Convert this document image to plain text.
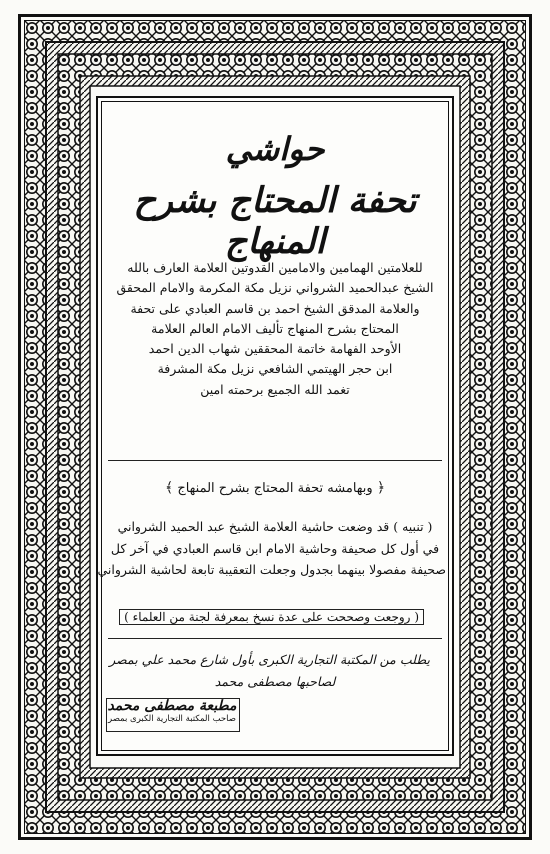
حواشي
تحفة المحتاج بشرح المنهاج
للعلامتين الهمامين والامامين القدوتين العلامة العارف بالله
الشيخ عبدالحميد الشرواني نزيل مكة المكرمة والامام المحقق
والعلامة المدقق الشيخ احمد بن قاسم العبادي على تحفة
المحتاج بشرح المنهاج تأليف الامام العالم العلامة
الأوحد الفهامة خاتمة المحققين شهاب الدين احمد
ابن حجر الهيتمي الشافعي نزيل مكة المشرفة
تغمد الله الجميع برحمته امين
﴿ وبهامشه تحفة المحتاج بشرح المنهاج ﴾
( تنبيه ) قد وضعت حاشية العلامة الشيخ عبد الحميد الشرواني
في أول كل صحيفة وحاشية الامام ابن قاسم العبادي في آخر كل
صحيفة مفصولا بينهما بجدول وجعلت التعقيبة تابعة لحاشية الشرواني
( روجعت وصححت على عدة نسخ بمعرفة لجنة من العلماء )
يطلب من المكتبة التجارية الكبرى بأول شارع محمد علي بمصر
لصاحبها مصطفى محمد
مطبعة مصطفى محمد
صاحب المكتبة التجارية الكبرى بمصر
